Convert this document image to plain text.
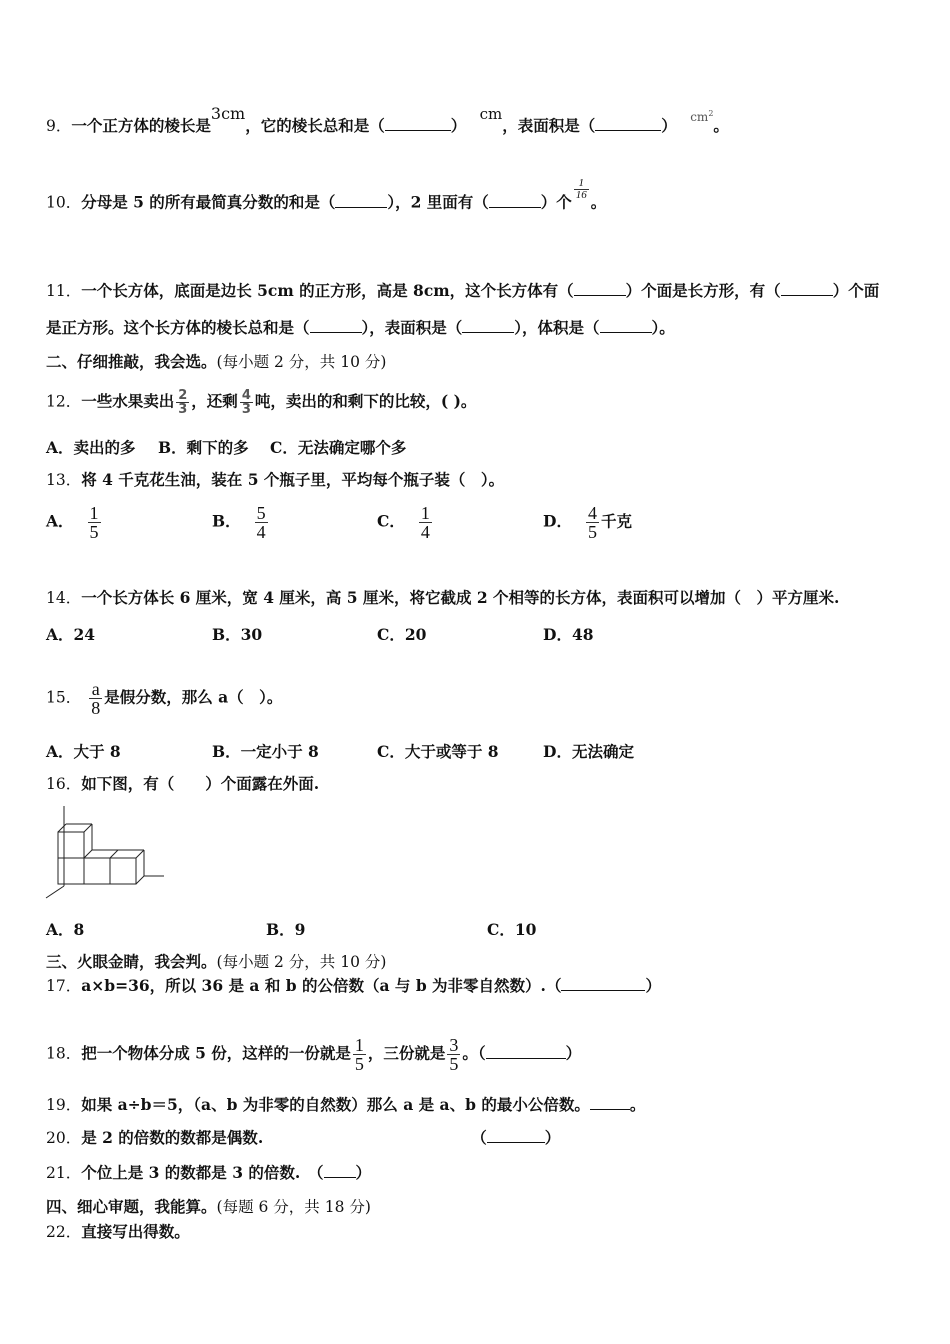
9．一个正方体的棱长是3cm，它的棱长总和是（	） cm，表面积是（	） $^{cm^2}$。
10．分母是 5 的所有最简真分数的和是（	），2 里面有（	）个
$\frac{1}{16}$
。
11．一个长方体，底面是边长 5cm 的正方形，高是 8cm，这个长方体有（	）个面是长方形，有（	）个面
是正方形。这个长方体的棱长总和是（	），表面积是（	），体积是（	）。
二、仔细推敲，我会选。(每小题 2 分，共 10 分)
12．一些水果卖出 $\frac{2}{3}$ ，还剩 $\frac{4}{3}$ 吨，卖出的和剩下的比较，( )。
A．卖出的多 B．剩下的多 C．无法确定哪个多
13．将 4 千克花生油，装在 5 个瓶子里，平均每个瓶子装（　）。
A． $\frac{1}{5}$	B． $\frac{5}{4}$	C． $\frac{1}{4}$	D． $\frac{4}{5}$ 千克
14．一个长方体长 6 厘米，宽 4 厘米，高 5 厘米，将它截成 2 个相等的长方体，表面积可以增加（　）平方厘米.
A．24	B．30	C．20	D．48
15． $\frac{a}{8}$ 是假分数，那么 a（　）。
A．大于 8	B．一定小于 8	C．大于或等于 8	D．无法确定
16．如下图，有（　　）个面露在外面.
A．8	B．9	C．10
三、火眼金睛，我会判。(每小题 2 分，共 10 分)
17．a×b=36，所以 36 是 a 和 b 的公倍数（a 与 b 为非零自然数）.（	）
18．把一个物体分成 5 份，这样的一份就是 $\frac{1}{5}$ ，三份就是 $\frac{3}{5}$ 。（	）
19．如果 a÷b＝5，（a、b 为非零的自然数）那么 a 是 a、b 的最小公倍数。	。
20．是 2 的倍数的数都是偶数.	（	）
21．个位上是 3 的数都是 3 的倍数.　（ ）
四、细心审题，我能算。(每题 6 分，共 18 分)
22．直接写出得数。
